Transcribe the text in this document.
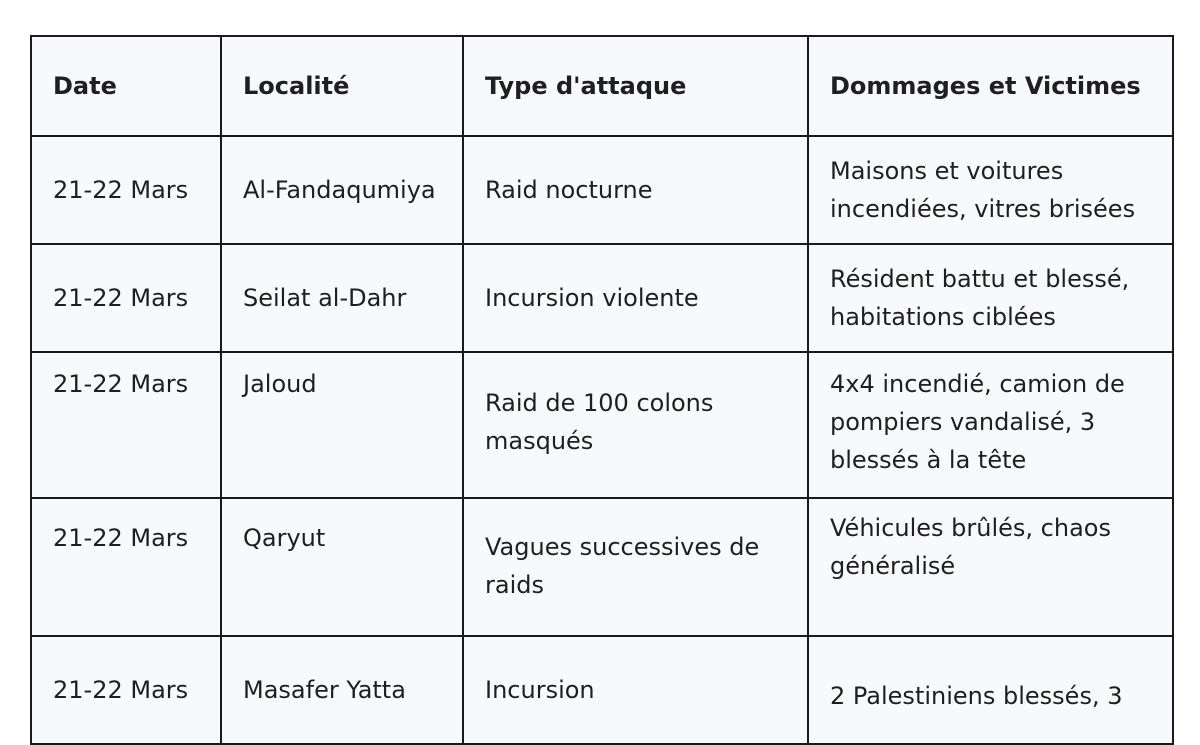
Date	Localité	Type d'attaque	Dommages et Victimes
21-22 Mars	Al-Fandaqumiya	Raid nocturne	Maisons et voitures incendiées, vitres brisées
21-22 Mars	Seilat al-Dahr	Incursion violente	Résident battu et blessé, habitations ciblées
21-22 Mars	Jaloud	Raid de 100 colons masqués	4x4 incendié, camion de pompiers vandalisé, 3 blessés à la tête
21-22 Mars	Qaryut	Vagues successives de raids	Véhicules brûlés, chaos généralisé
21-22 Mars	Masafer Yatta	Incursion	2 Palestiniens blessés, 3
